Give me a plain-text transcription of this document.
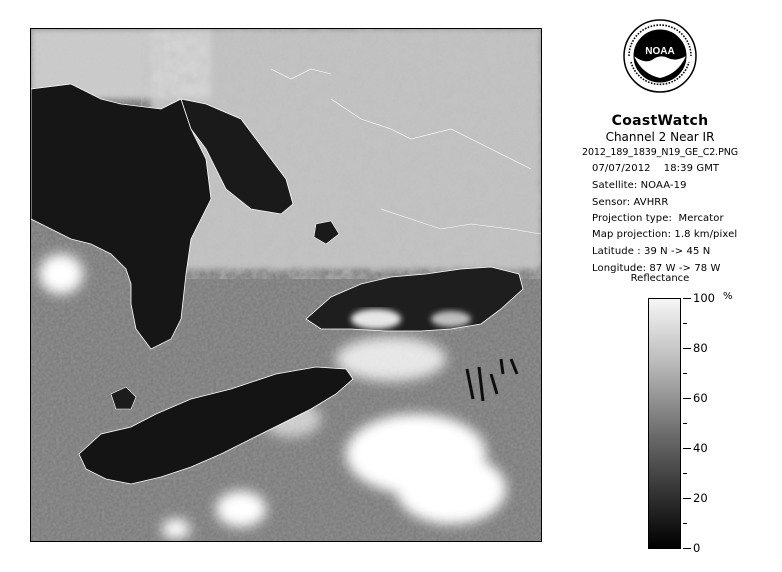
NOAA
CoastWatch
Channel 2 Near IR
2012_189_1839_N19_GE_C2.PNG
07/07/2012    18:39 GMT
Satellite: NOAA-19
Sensor: AVHRR
Projection type:  Mercator
Map projection: 1.8 km/pixel
Latitude : 39 N -> 45 N
Longitude: 87 W -> 78 W
Reflectance
%
100
80
60
40
20
0
